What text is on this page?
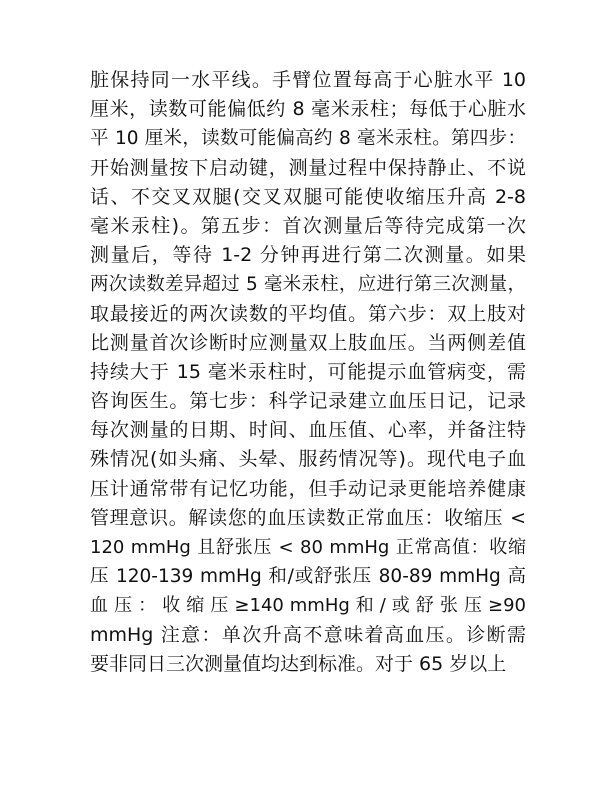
脏保持同一水平线。手臂位置每高于心脏水平 10
厘米，读数可能偏低约 8 毫米汞柱；每低于心脏水
平 10 厘米，读数可能偏高约 8 毫米汞柱。第四步：
开始测量按下启动键，测量过程中保持静止、不说
话、不交叉双腿(交叉双腿可能使收缩压升高 2-8
毫米汞柱)。第五步：首次测量后等待完成第一次
测量后，等待 1-2 分钟再进行第二次测量。如果
两次读数差异超过 5 毫米汞柱，应进行第三次测量，
取最接近的两次读数的平均值。第六步：双上肢对
比测量首次诊断时应测量双上肢血压。当两侧差值
持续大于 15 毫米汞柱时，可能提示血管病变，需
咨询医生。第七步：科学记录建立血压日记，记录
每次测量的日期、时间、血压值、心率，并备注特
殊情况(如头痛、头晕、服药情况等)。现代电子血
压计通常带有记忆功能，但手动记录更能培养健康
管理意识。解读您的血压读数正常血压：收缩压 <
120 mmHg 且舒张压 < 80 mmHg 正常高值：收缩
压 120-139 mmHg 和/或舒张压 80-89 mmHg 高
血 压 ： 收 缩 压 ≥140 mmHg 和 / 或 舒 张 压 ≥90
mmHg 注意：单次升高不意味着高血压。诊断需
要非同日三次测量值均达到标准。对于 65 岁以上
